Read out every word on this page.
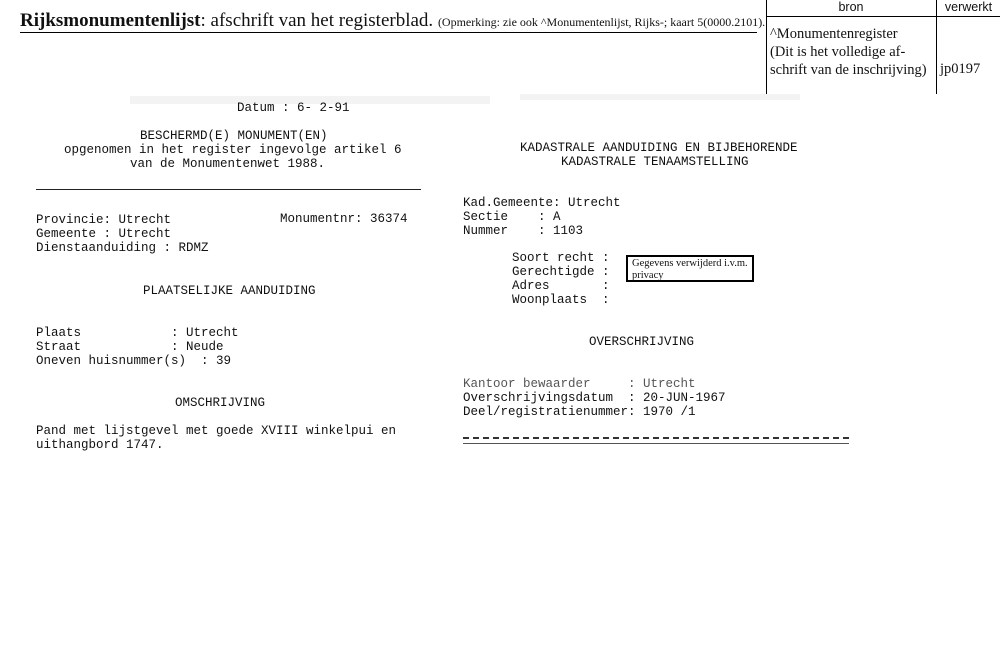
Rijksmonumentenlijst: afschrift van het registerblad. (Opmerking: zie ook ^Monumentenlijst, Rijks-; kaart 5(0000.2101).
bron	verwerkt
^Monumentenregister
(Dit is het volledige af-
schrift van de inschrijving) jp0197
Datum : 6- 2-91
BESCHERMD(E) MONUMENT(EN)
opgenomen in het register ingevolge artikel 6
van de Monumentenwet 1988.
Provincie: Utrecht	Monumentnr: 36374
Gemeente : Utrecht
Dienstaanduiding : RDMZ
PLAATSELIJKE AANDUIDING
Plaats            : Utrecht
Straat            : Neude
Oneven huisnummer(s)  : 39
OMSCHRIJVING
Pand met lijstgevel met goede XVIII winkelpui en
uithangbord 1747.
KADASTRALE AANDUIDING EN BIJBEHORENDE
KADASTRALE TENAAMSTELLING
Kad.Gemeente: Utrecht
Sectie    : A
Nummer    : 1103
Soort recht :
Gerechtigde :
Adres       :
Woonplaats  :
Gegevens verwijderd i.v.m. privacy
OVERSCHRIJVING
Kantoor bewaarder     : Utrecht
Overschrijvingsdatum  : 20-JUN-1967
Deel/registratienummer: 1970 /1
